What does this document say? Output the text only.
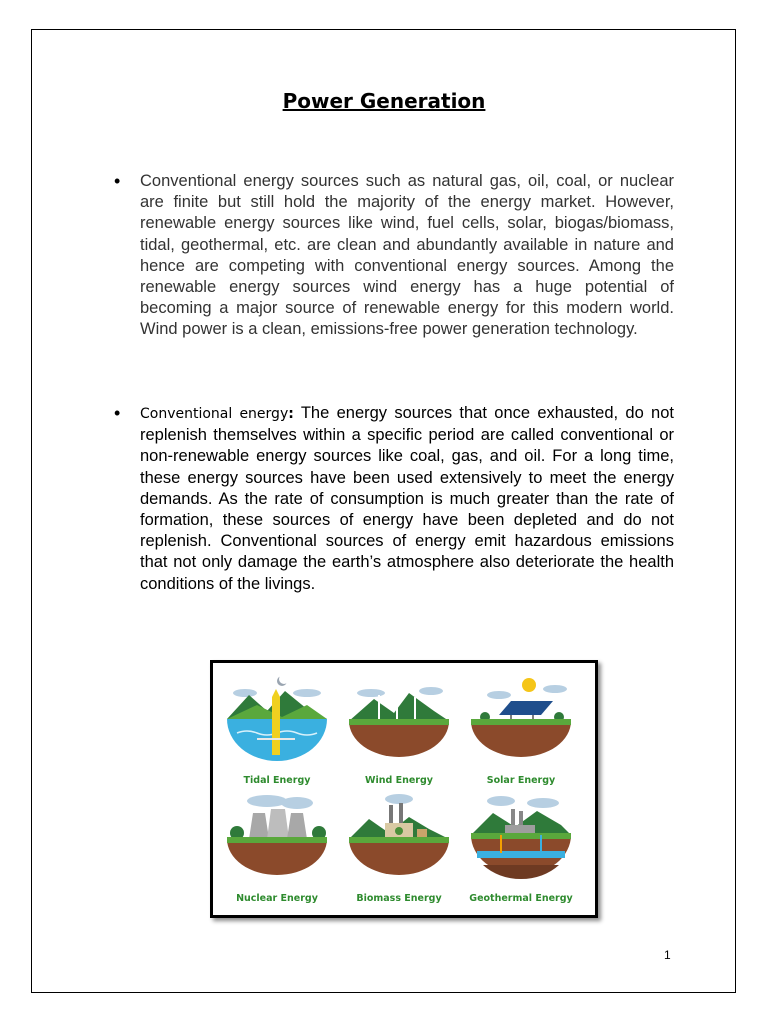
Power Generation
• Conventional energy sources such as natural gas, oil, coal, or nuclear are finite but still hold the majority of the energy market. However, renewable energy sources like wind, fuel cells, solar, biogas/biomass, tidal, geothermal, etc. are clean and abundantly available in nature and hence are competing with conventional energy sources. Among the renewable energy sources wind energy has a huge potential of becoming a major source of renewable energy for this modern world. Wind power is a clean, emissions-free power generation technology.
• Conventional energy: The energy sources that once exhausted, do not replenish themselves within a specific period are called conventional or non-renewable energy sources like coal, gas, and oil. For a long time, these energy sources have been used extensively to meet the energy demands. As the rate of consumption is much greater than the rate of formation, these sources of energy have been depleted and do not replenish. Conventional sources of energy emit hazardous emissions that not only damage the earth’s atmosphere also deteriorate the health conditions of the livings.
Tidal Energy	Wind Energy	Solar Energy
Nuclear Energy	Biomass Energy	Geothermal Energy
1
